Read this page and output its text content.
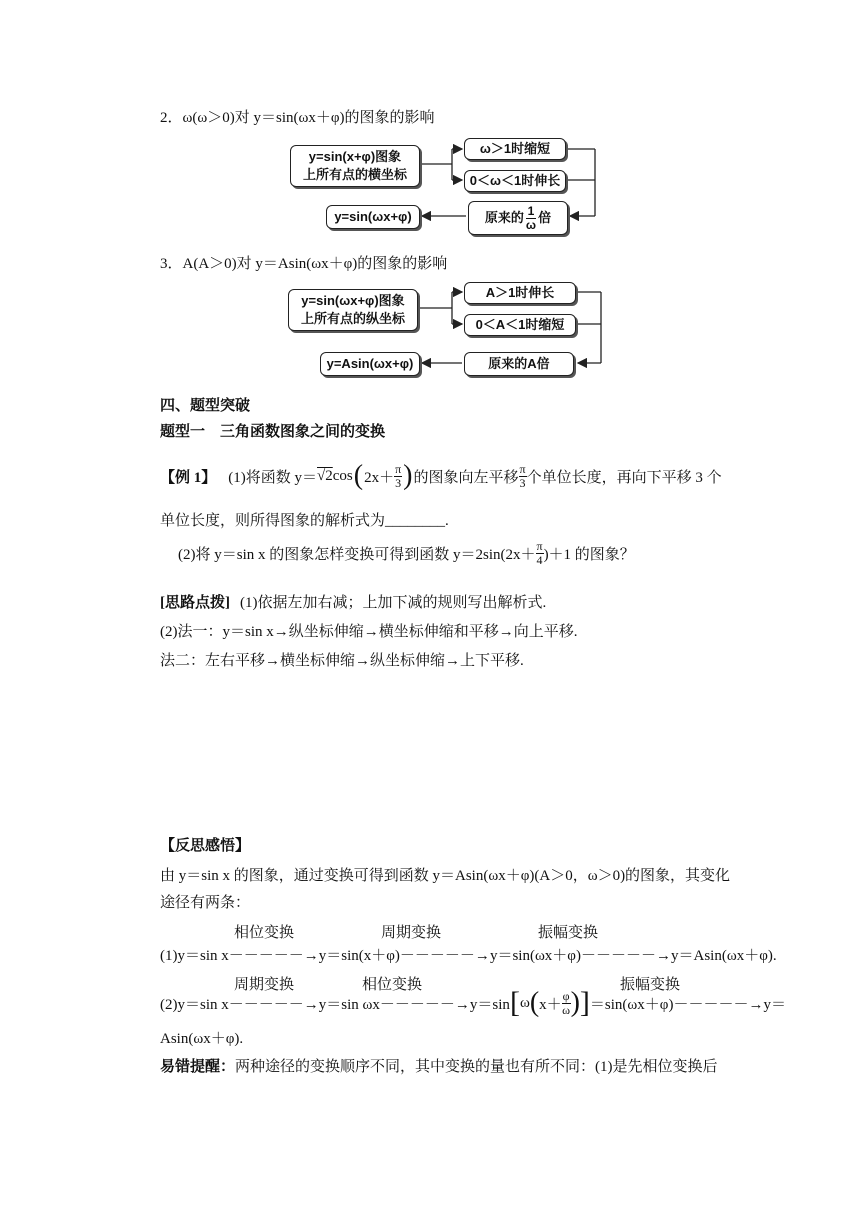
2．ω(ω＞0)对 y＝sin(ωx＋φ)的图象的影响
y=sin(x+φ)图象
上所有点的横坐标
ω＞1时缩短
0＜ω＜1时伸长
原来的 $\frac{1}{\omega}$ 倍
y=sin(ωx+φ)
3．A(A＞0)对 y＝Asin(ωx＋φ)的图象的影响
y=sin(ωx+φ)图象
上所有点的纵坐标
A＞1时伸长
0＜A＜1时缩短
原来的A倍
y=Asin(ωx+φ)
四、题型突破
题型一　三角函数图象之间的变换
【例 1】 (1)将函数 y＝ √2 cos ( $2x+ \frac{\pi}{3}$ ) 的图象向左平移 $\frac{\pi}{3}$ 个单位长度，再向下平移 3 个
单位长度，则所得图象的解析式为________.
(2)将 y＝sin x 的图象怎样变换可得到函数 $y=2\sin(2x+ \frac{\pi}{4} )+1$ 的图象？
[思路点拨] (1)依据左加右减；上加下减的规则写出解析式.
(2)法一：y＝sin x→纵坐标伸缩→横坐标伸缩和平移→向上平移.
法二：左右平移→横坐标伸缩→纵坐标伸缩→上下平移.
【反思感悟】
由 y＝sin x 的图象，通过变换可得到函数 y＝Asin(ωx＋φ)(A＞0，ω＞0)的图象，其变化
途径有两条：
相位变换	周期变换	振幅变换
(1)y＝sin x－－－－－→y＝sin(x＋φ)－－－－－→y＝sin(ωx＋φ)－－－－－→y＝Asin(ωx＋φ).
周期变换	相位变换	振幅变换
(2)y＝sin x －－－－－→ y＝sin ωx －－－－－→ y＝sin [ ω ( $x+ \frac{\varphi}{\omega}$ ) ] ＝sin(ωx＋φ) －－－－－→ y＝
Asin(ωx＋φ).
易错提醒：两种途径的变换顺序不同，其中变换的量也有所不同：(1)是先相位变换后
